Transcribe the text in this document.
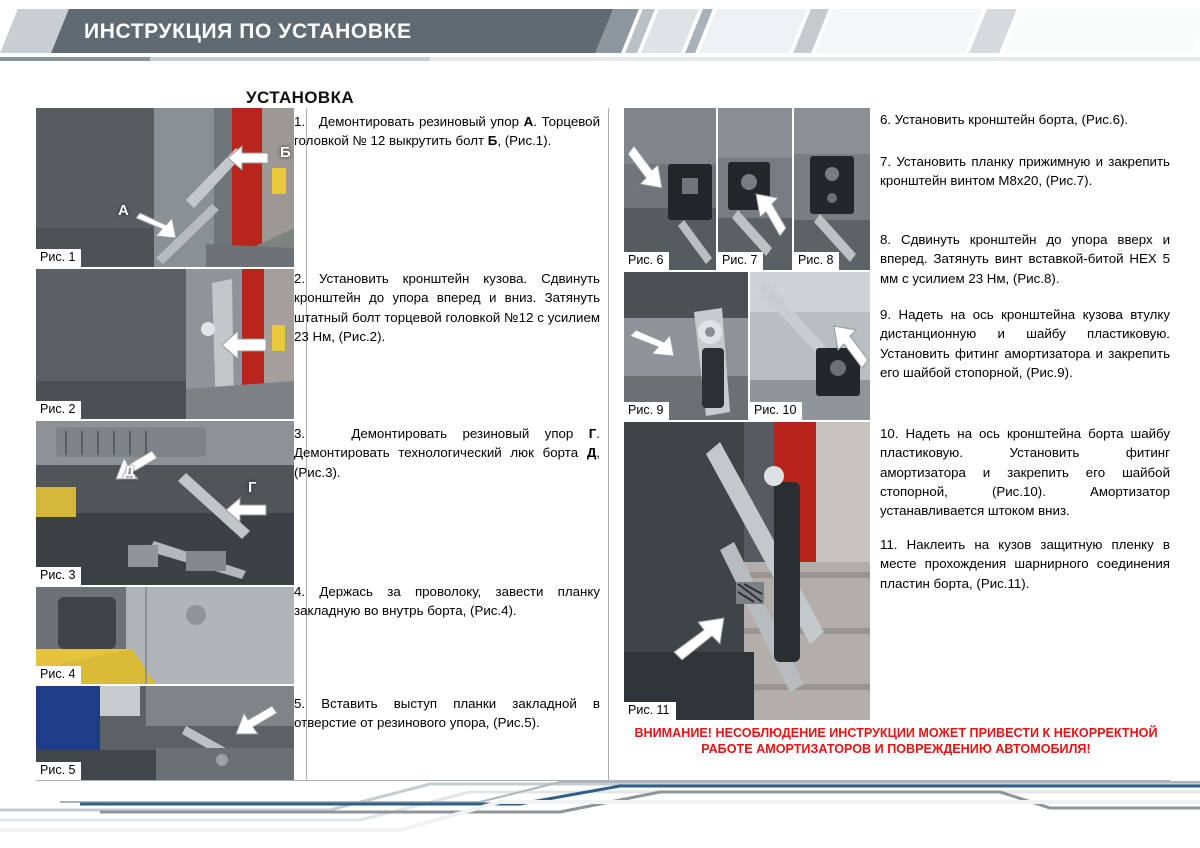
ИНСТРУКЦИЯ ПО УСТАНОВКЕ
УСТАНОВКА
Б
А
Рис. 1
Рис. 2
Д
Г
Рис. 3
Рис. 4
Рис. 5
1.   Демонтировать резиновый упор А. Торцевой головкой № 12 выкрутить болт Б, (Рис.1).
2. Установить кронштейн кузова. Сдвинуть кронштейн до упора вперед и вниз. Затянуть штатный болт торцевой головкой №12 с усилием 23 Нм, (Рис.2).
3.   Демонтировать резиновый упор Г. Демонтировать технологический люк борта Д, (Рис.3).
4. Держась за проволоку, завести планку закладную во внутрь борта, (Рис.4).
5. Вставить выступ планки закладной в отверстие от резинового упора, (Рис.5).
Рис. 6	Рис. 7	Рис. 8
Рис. 9	Рис. 10
Рис. 11
6. Установить кронштейн борта, (Рис.6).
7. Установить планку прижимную и закрепить кронштейн винтом М8х20, (Рис.7).
8. Сдвинуть кронштейн до упора вверх и вперед. Затянуть винт вставкой-битой HEX 5 мм с усилием 23 Нм, (Рис.8).
9. Надеть на ось кронштейна кузова втулку дистанционную и шайбу пластиковую. Установить фитинг амортизатора и закрепить его шайбой стопорной, (Рис.9).
10. Надеть на ось кронштейна борта шайбу пластиковую. Установить фитинг амортизатора и закрепить его шайбой стопорной, (Рис.10). Амортизатор устанавливается штоком вниз.
11. Наклеить на кузов защитную пленку в месте прохождения шарнирного соединения пластин борта, (Рис.11).
ВНИМАНИЕ! НЕСОБЛЮДЕНИЕ ИНСТРУКЦИИ МОЖЕТ ПРИВЕСТИ К НЕКОРРЕКТНОЙ РАБОТЕ АМОРТИЗАТОРОВ И ПОВРЕЖДЕНИЮ АВТОМОБИЛЯ!
